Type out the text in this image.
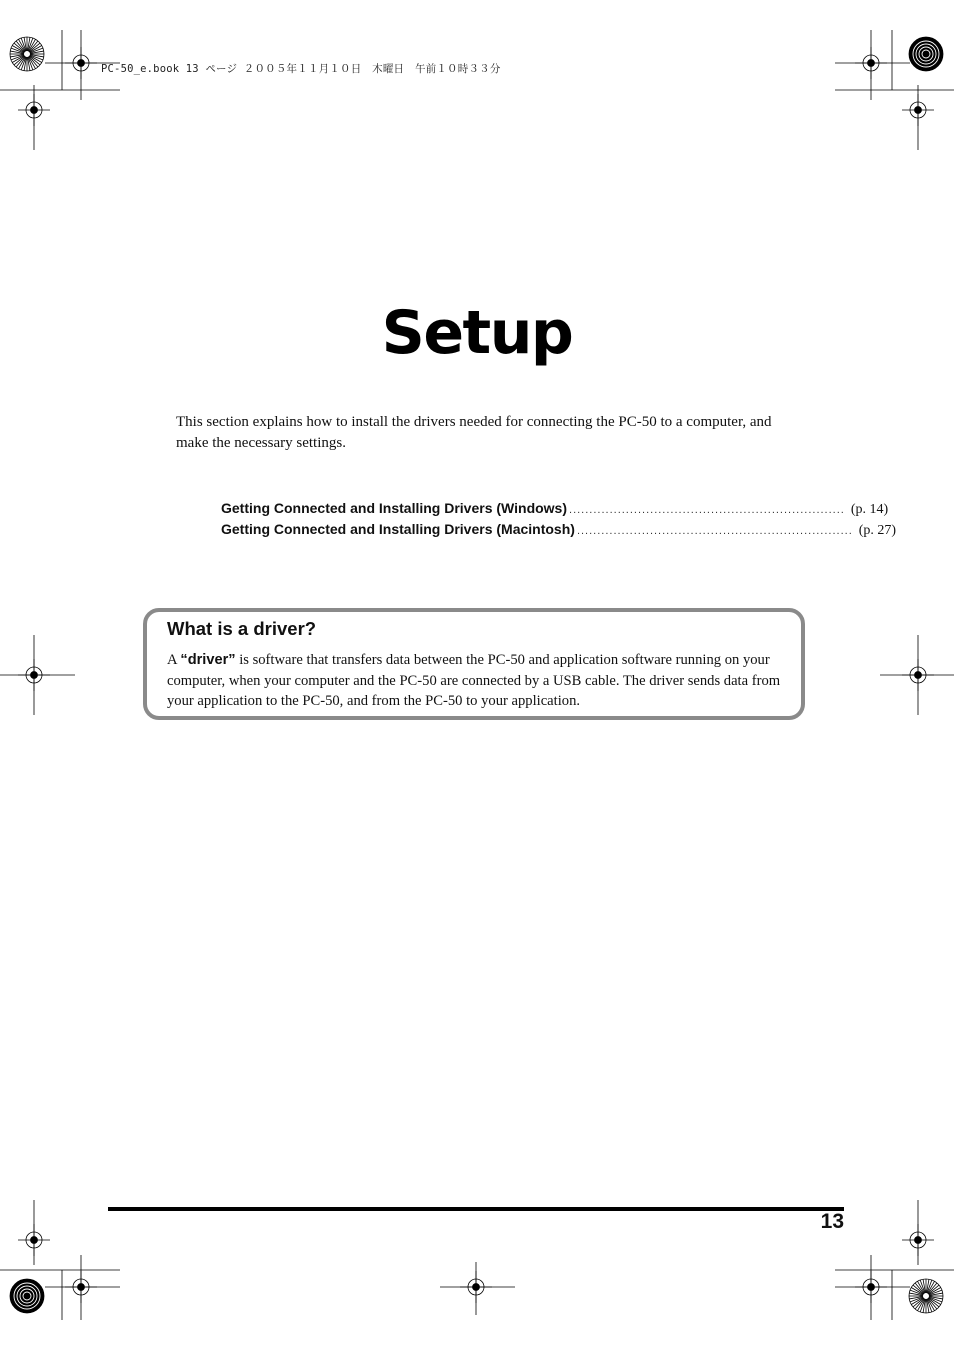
PC-50_e.book 13 ページ ２００５年１１月１０日　木曜日　午前１０時３３分
Setup

This section explains how to install the drivers needed for connecting the PC-50 to a computer, and make the necessary settings.

Getting Connected and Installing Drivers (Windows) .................................................................... (p. 14)
Getting Connected and Installing Drivers (Macintosh) .................................................................... (p. 27)
What is a driver?
A “driver” is software that transfers data between the PC-50 and application software running on your computer, when your computer and the PC-50 are connected by a USB cable. The driver sends data from your application to the PC-50, and from the PC-50 to your application.
13
